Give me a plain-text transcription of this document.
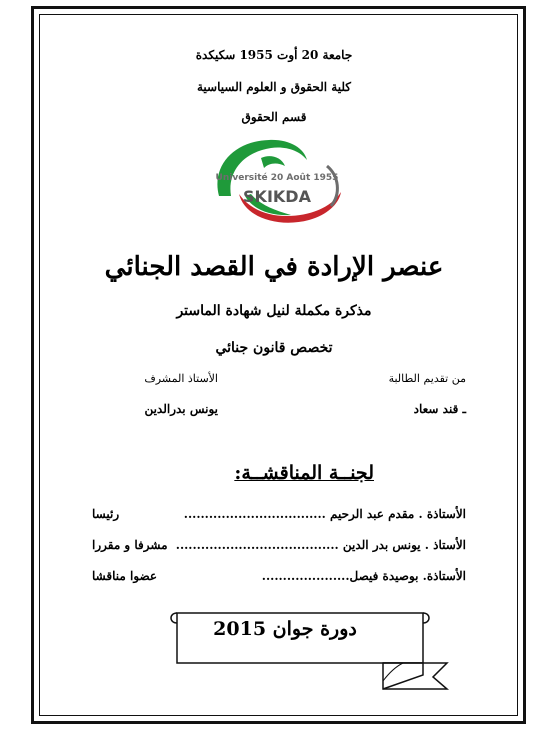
جامعة 20 أوت 1955 سكيكدة
كلية الحقوق و العلوم السياسية
قسم الحقوق
Université 20 Août 1955
SKIKDA
عنصر الإرادة في القصد الجنائي
مذكرة مكملة لنيل شهادة الماستر
تخصص قانون جنائي
من تقديم الطالبة
الأستاذ المشرف
ـ قند سعاد
يونس بدرالدين
لجنــة المناقشــة:
الأستاذة . مقدم عبد الرحيم ..................................
رئيسا
الأستاذ . يونس بدر الدين .......................................
مشرفا و مقررا
الأستاذة. بوصيدة فيصل.....................
عضوا مناقشا
دورة جوان 2015
